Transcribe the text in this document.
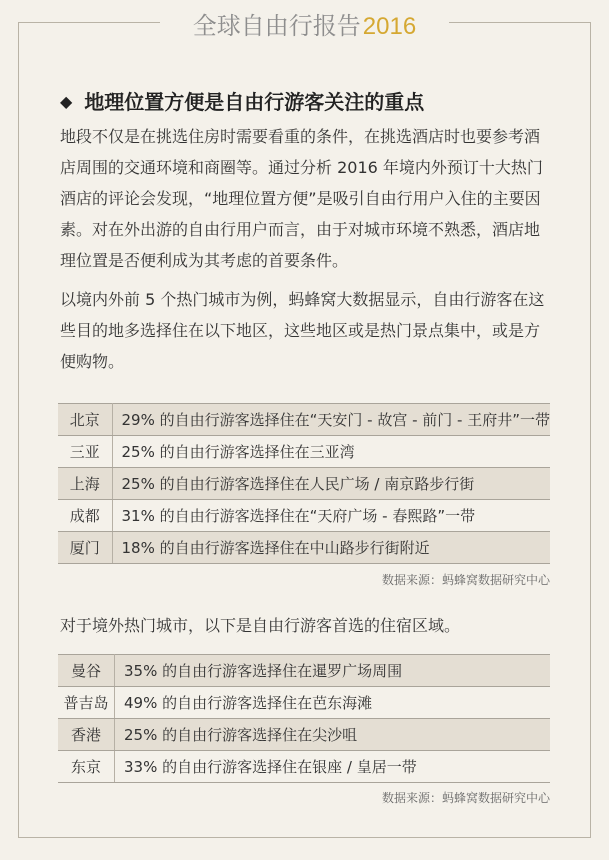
全球自由行报告2016
◆ 地理位置方便是自由行游客关注的重点

地段不仅是在挑选住房时需要看重的条件，在挑选酒店时也要参考酒店周围的交通环境和商圈等。通过分析 2016 年境内外预订十大热门酒店的评论会发现，“地理位置方便”是吸引自由行用户入住的主要因素。对在外出游的自由行用户而言，由于对城市环境不熟悉，酒店地理位置是否便利成为其考虑的首要条件。

以境内外前 5 个热门城市为例，蚂蜂窝大数据显示，自由行游客在这些目的地多选择住在以下地区，这些地区或是热门景点集中，或是方便购物。

北京	29% 的自由行游客选择住在“天安门 - 故宫 - 前门 - 王府井”一带
三亚	25% 的自由行游客选择住在三亚湾
上海	25% 的自由行游客选择住在人民广场 / 南京路步行街
成都	31% 的自由行游客选择住在“天府广场 - 春熙路”一带
厦门	18% 的自由行游客选择住在中山路步行街附近
数据来源：蚂蜂窝数据研究中心

对于境外热门城市，以下是自由行游客首选的住宿区域。

曼谷	35% 的自由行游客选择住在暹罗广场周围
普吉岛	49% 的自由行游客选择住在芭东海滩
香港	25% 的自由行游客选择住在尖沙咀
东京	33% 的自由行游客选择住在银座 / 皇居一带
数据来源：蚂蜂窝数据研究中心
